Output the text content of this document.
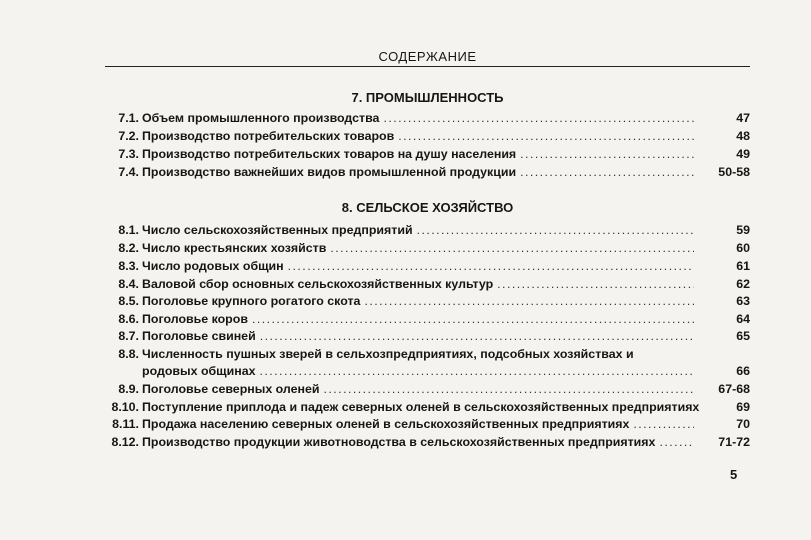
СОДЕРЖАНИЕ
7. ПРОМЫШЛЕННОСТЬ
7.1. Объем промышленного производства . . .	47
7.2. Производство потребительских товаров . . .	48
7.3. Производство потребительских товаров на душу населения . . .	49
7.4. Производство важнейших видов промышленной продукции . . .	50-58
8. СЕЛЬСКОЕ ХОЗЯЙСТВО
8.1. Число сельскохозяйственных предприятий . . .	59
8.2. Число крестьянских хозяйств . . .	60
8.3. Число родовых общин . . .	61
8.4. Валовой сбор основных сельскохозяйственных культур . . .	62
8.5. Поголовье крупного рогатого скота . . .	63
8.6. Поголовье коров . . .	64
8.7. Поголовье свиней . . .	65
8.8. Численность пушных зверей в сельхозпредприятиях, подсобных хозяйствах и
родовых общинах . . .	66
8.9. Поголовье северных оленей . . .	67-68
8.10. Поступление приплода и падеж северных оленей в сельскохозяйственных предприятиях	69
8.11. Продажа населению северных оленей в сельскохозяйственных предприятиях . . .	70
8.12. Производство продукции животноводства в сельскохозяйственных предприятиях . . .	71-72
5
